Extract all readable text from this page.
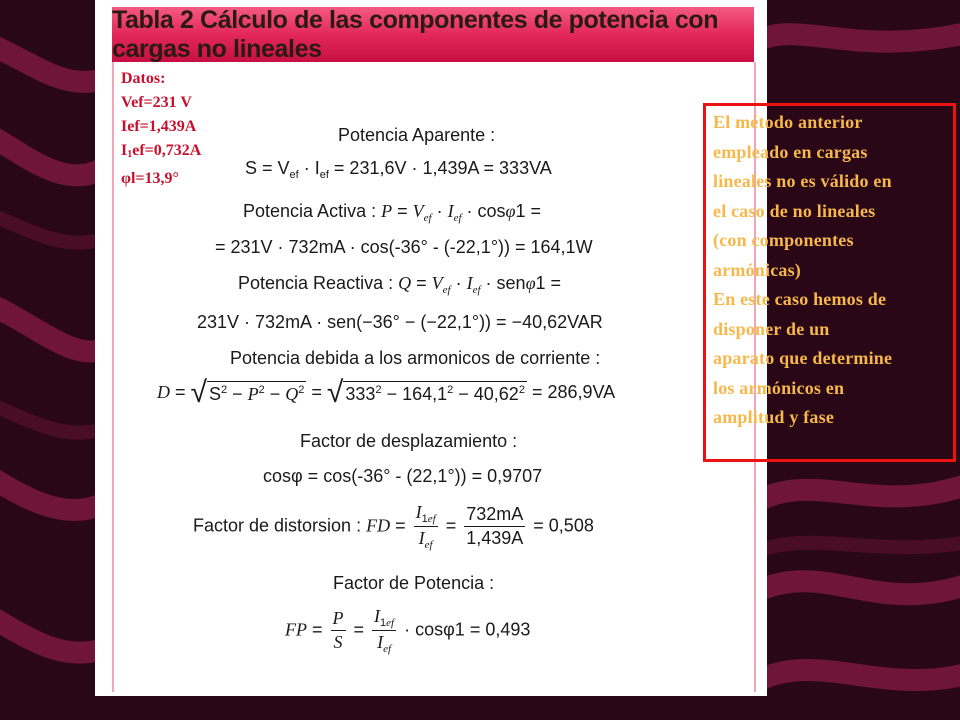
Tabla 2 Cálculo de las componentes de potencia con cargas no lineales
Datos:
Vef=231 V
Ief=1,439A
$I_1ef=0,732A$
φl=13,9°
Potencia Aparente :
$S = V_{ef} \cdot I_{ef} = 231,6V \cdot 1,439A = 333VA$
Potencia Activa : $P = V_{ef} \cdot I_{ef} \cdot \cos\varphi 1$ =
= 231V · 732mA · cos(-36° - (-22,1°)) = 164,1W
Potencia Reactiva : $Q = V_{ef} \cdot I_{ef} \cdot sen\varphi 1$ =
231V · 732mA · sen(−36° − (−22,1°)) = −40,62VAR
Potencia debida a los armonicos de corriente :
D = √ $S^2 - P^2 - Q^2$ = √ $333^2 - 164,1^2 - 40,62^2 = 286,9VA$
Factor de desplazamiento :
cosφ = cos(-36° - (22,1°)) = 0,9707
Factor de distorsion : FD = $\frac{I_{1ef}}{I_{ef}} = \frac{732mA}{1,439A} = 0,508$
Factor de Potencia :
FP = $\frac{P}{S} = \frac{I_{1ef}}{I_{ef}} \cdot \cos\varphi 1 = 0,493$
El método anterior
empleado en cargas
lineales no es válido en
el caso de no lineales
(con componentes
armónicas)
En este caso hemos de
disponer de un
aparato que determine
los armónicos en
amplitud y fase
